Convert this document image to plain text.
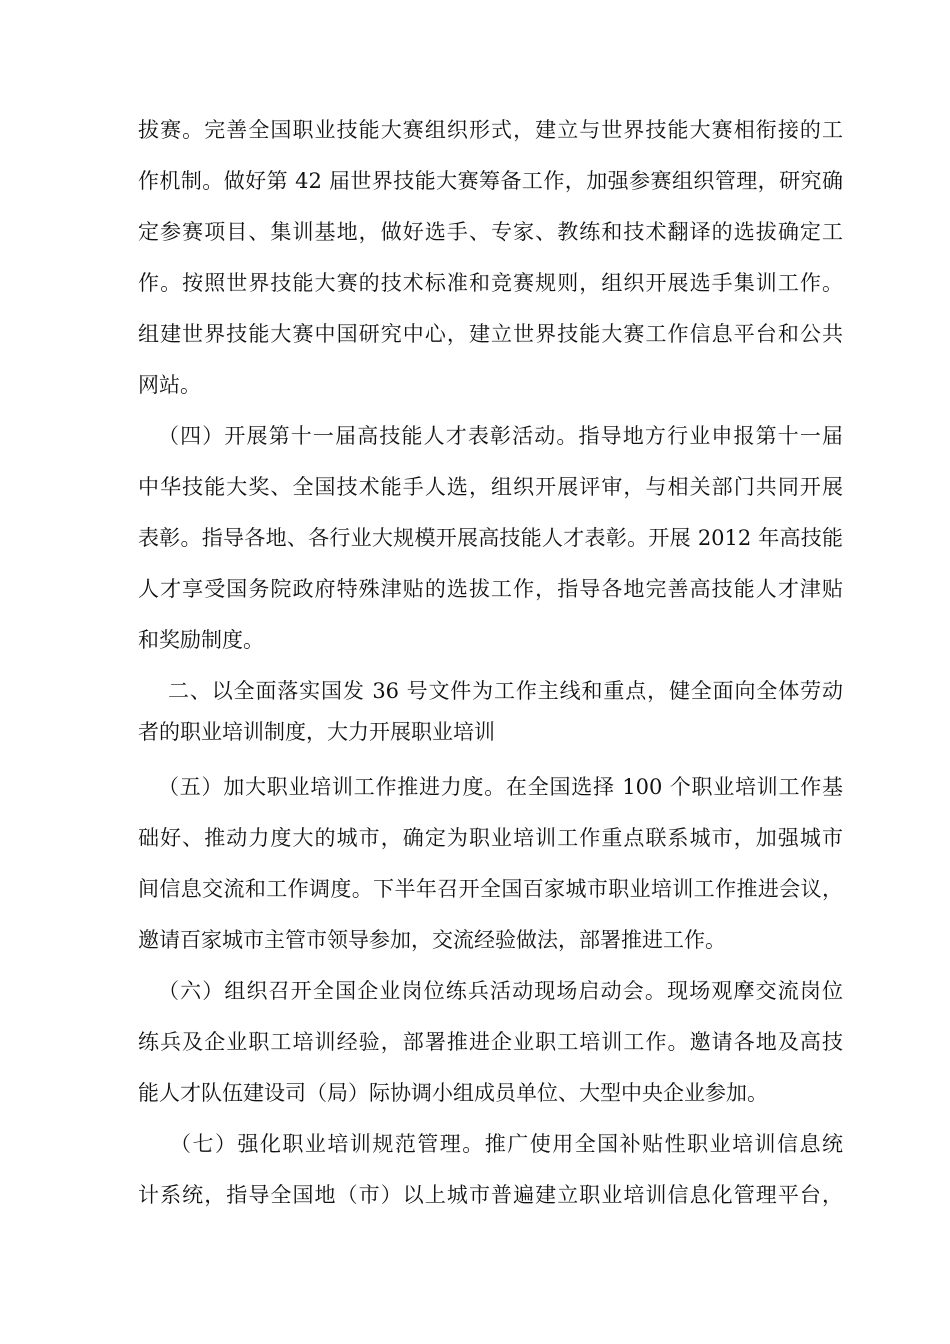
拔赛。完善全国职业技能大赛组织形式，建立与世界技能大赛相衔接的工
作机制。做好第 42 届世界技能大赛筹备工作，加强参赛组织管理，研究确
定参赛项目、集训基地，做好选手、专家、教练和技术翻译的选拔确定工
作。按照世界技能大赛的技术标准和竞赛规则，组织开展选手集训工作。
组建世界技能大赛中国研究中心，建立世界技能大赛工作信息平台和公共
网站。
（四）开展第十一届高技能人才表彰活动。指导地方行业申报第十一届
中华技能大奖、全国技术能手人选，组织开展评审，与相关部门共同开展
表彰。指导各地、各行业大规模开展高技能人才表彰。开展 2012 年高技能
人才享受国务院政府特殊津贴的选拔工作，指导各地完善高技能人才津贴
和奖励制度。
二、以全面落实国发 36 号文件为工作主线和重点，健全面向全体劳动
者的职业培训制度，大力开展职业培训
（五）加大职业培训工作推进力度。在全国选择 100 个职业培训工作基
础好、推动力度大的城市，确定为职业培训工作重点联系城市，加强城市
间信息交流和工作调度。下半年召开全国百家城市职业培训工作推进会议，
邀请百家城市主管市领导参加，交流经验做法，部署推进工作。
（六）组织召开全国企业岗位练兵活动现场启动会。现场观摩交流岗位
练兵及企业职工培训经验，部署推进企业职工培训工作。邀请各地及高技
能人才队伍建设司（局）际协调小组成员单位、大型中央企业参加。
（七）强化职业培训规范管理。推广使用全国补贴性职业培训信息统
计系统，指导全国地（市）以上城市普遍建立职业培训信息化管理平台，
